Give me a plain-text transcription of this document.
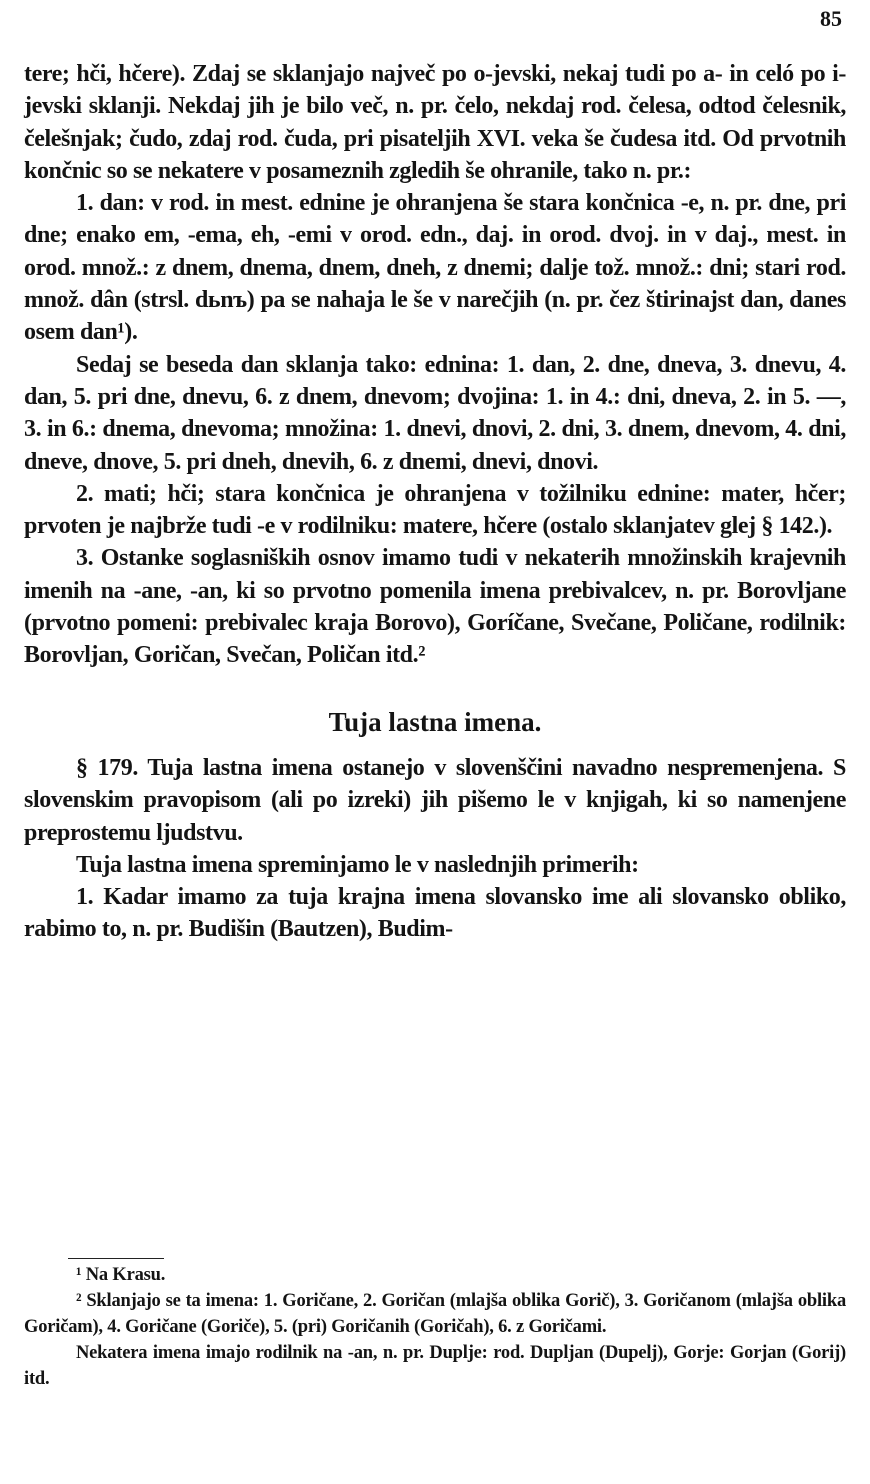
85

tere; hči, hčere). Zdaj se sklanjajo največ po o-jevski, nekaj tudi po a- in celó po i-jevski sklanji. Nekdaj jih je bilo več, n. pr. čelo, nekdaj rod. čelesa, odtod čelesnik, čelešnjak; čudo, zdaj rod. čuda, pri pisateljih XVI. veka še čudesa itd. Od prvotnih končnic so se nekatere v posameznih zgledih še ohranile, tako n. pr.:

1. dan: v rod. in mest. ednine je ohranjena še stara končnica -e, n. pr. dne, pri dne; enako em, -ema, eh, -emi v orod. edn., daj. in orod. dvoj. in v daj., mest. in orod. množ.: z dnem, dnema, dnem, dneh, z dnemi; dalje tož. množ.: dni; stari rod. množ. dân (strsl. dьnъ) pa se nahaja le še v narečjih (n. pr. čez štirinajst dan, danes osem dan¹).

Sedaj se beseda dan sklanja tako: ednina: 1. dan, 2. dne, dneva, 3. dnevu, 4. dan, 5. pri dne, dnevu, 6. z dnem, dnevom; dvojina: 1. in 4.: dni, dneva, 2. in 5. —, 3. in 6.: dnema, dnevoma; množina: 1. dnevi, dnovi, 2. dni, 3. dnem, dnevom, 4. dni, dneve, dnove, 5. pri dneh, dnevih, 6. z dnemi, dnevi, dnovi.

2. mati; hči; stara končnica je ohranjena v tožilniku ednine: mater, hčer; prvoten je najbrže tudi -e v rodilniku: matere, hčere (ostalo sklanjatev glej § 142.).

3. Ostanke soglasniških osnov imamo tudi v nekaterih množinskih krajevnih imenih na -ane, -an, ki so prvotno pomenila imena prebivalcev, n. pr. Borovljane (prvotno pomeni: prebivalec kraja Borovo), Goríčane, Svečane, Poličane, rodilnik: Borovljan, Goričan, Svečan, Poličan itd.²

Tuja lastna imena.

§ 179. Tuja lastna imena ostanejo v slovenščini navadno nespremenjena. S slovenskim pravopisom (ali po izreki) jih pišemo le v knjigah, ki so namenjene preprostemu ljudstvu.

Tuja lastna imena spreminjamo le v naslednjih primerih:

1. Kadar imamo za tuja krajna imena slovansko ime ali slovansko obliko, rabimo to, n. pr. Budišin (Bautzen), Budim-

¹ Na Krasu.

² Sklanjajo se ta imena: 1. Goričane, 2. Goričan (mlajša oblika Gorič), 3. Goričanom (mlajša oblika Goričam), 4. Goričane (Goriče), 5. (pri) Goričanih (Goričah), 6. z Goričami.

Nekatera imena imajo rodilnik na -an, n. pr. Duplje: rod. Dupljan (Dupelj), Gorje: Gorjan (Gorij) itd.
